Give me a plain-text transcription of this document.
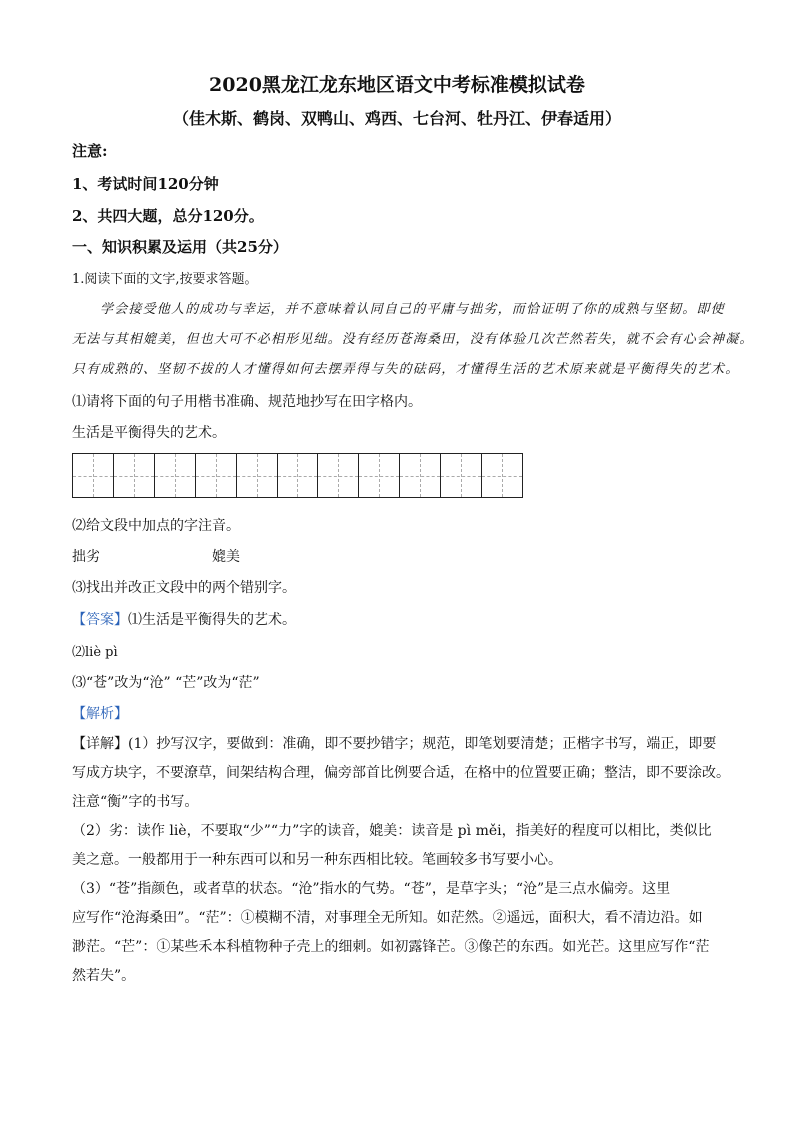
2020黑龙江龙东地区语文中考标准模拟试卷
（佳木斯、鹤岗、双鸭山、鸡西、七台河、牡丹江、伊春适用）
注意:
1、考试时间120分钟
2、共四大题，总分120分。
一、知识积累及运用（共25分）
1.阅读下面的文字,按要求答题。
学会接受他人的成功与幸运，并不意味着认同自己的平庸与拙劣，而恰证明了你的成熟与坚韧。即使
无法与其相媲美，但也大可不必相形见绌。没有经历苍海桑田，没有体验几次芒然若失，就不会有心会神凝。
只有成熟的、坚韧不拔的人才懂得如何去摆弄得与失的砝码，才懂得生活的艺术原来就是平衡得失的艺术。
⑴请将下面的句子用楷书准确、规范地抄写在田字格内。
生活是平衡得失的艺术。
⑵给文段中加点的字注音。
拙劣	媲美
⑶找出并改正文段中的两个错别字。
【答案】⑴生活是平衡得失的艺术。
⑵liè pì
⑶“苍”改为“沧” “芒”改为“茫”
【解析】
【详解】(1）抄写汉字，要做到：准确，即不要抄错字；规范，即笔划要清楚；正楷字书写，端正，即要
写成方块字，不要潦草，间架结构合理，偏旁部首比例要合适，在格中的位置要正确；整洁，即不要涂改。
注意“衡”字的书写。
（2）劣：读作 liè，不要取“少”“力”字的读音，媲美：读音是 pì měi，指美好的程度可以相比，类似比
美之意。一般都用于一种东西可以和另一种东西相比较。笔画较多书写要小心。
（3）“苍”指颜色，或者草的状态。“沧”指水的气势。“苍”，是草字头；“沧”是三点水偏旁。这里
应写作“沧海桑田”。“茫”：①模糊不清，对事理全无所知。如茫然。②遥远，面积大，看不清边沿。如
渺茫。“芒”：①某些禾本科植物种子壳上的细刺。如初露锋芒。③像芒的东西。如光芒。这里应写作“茫
然若失”。
